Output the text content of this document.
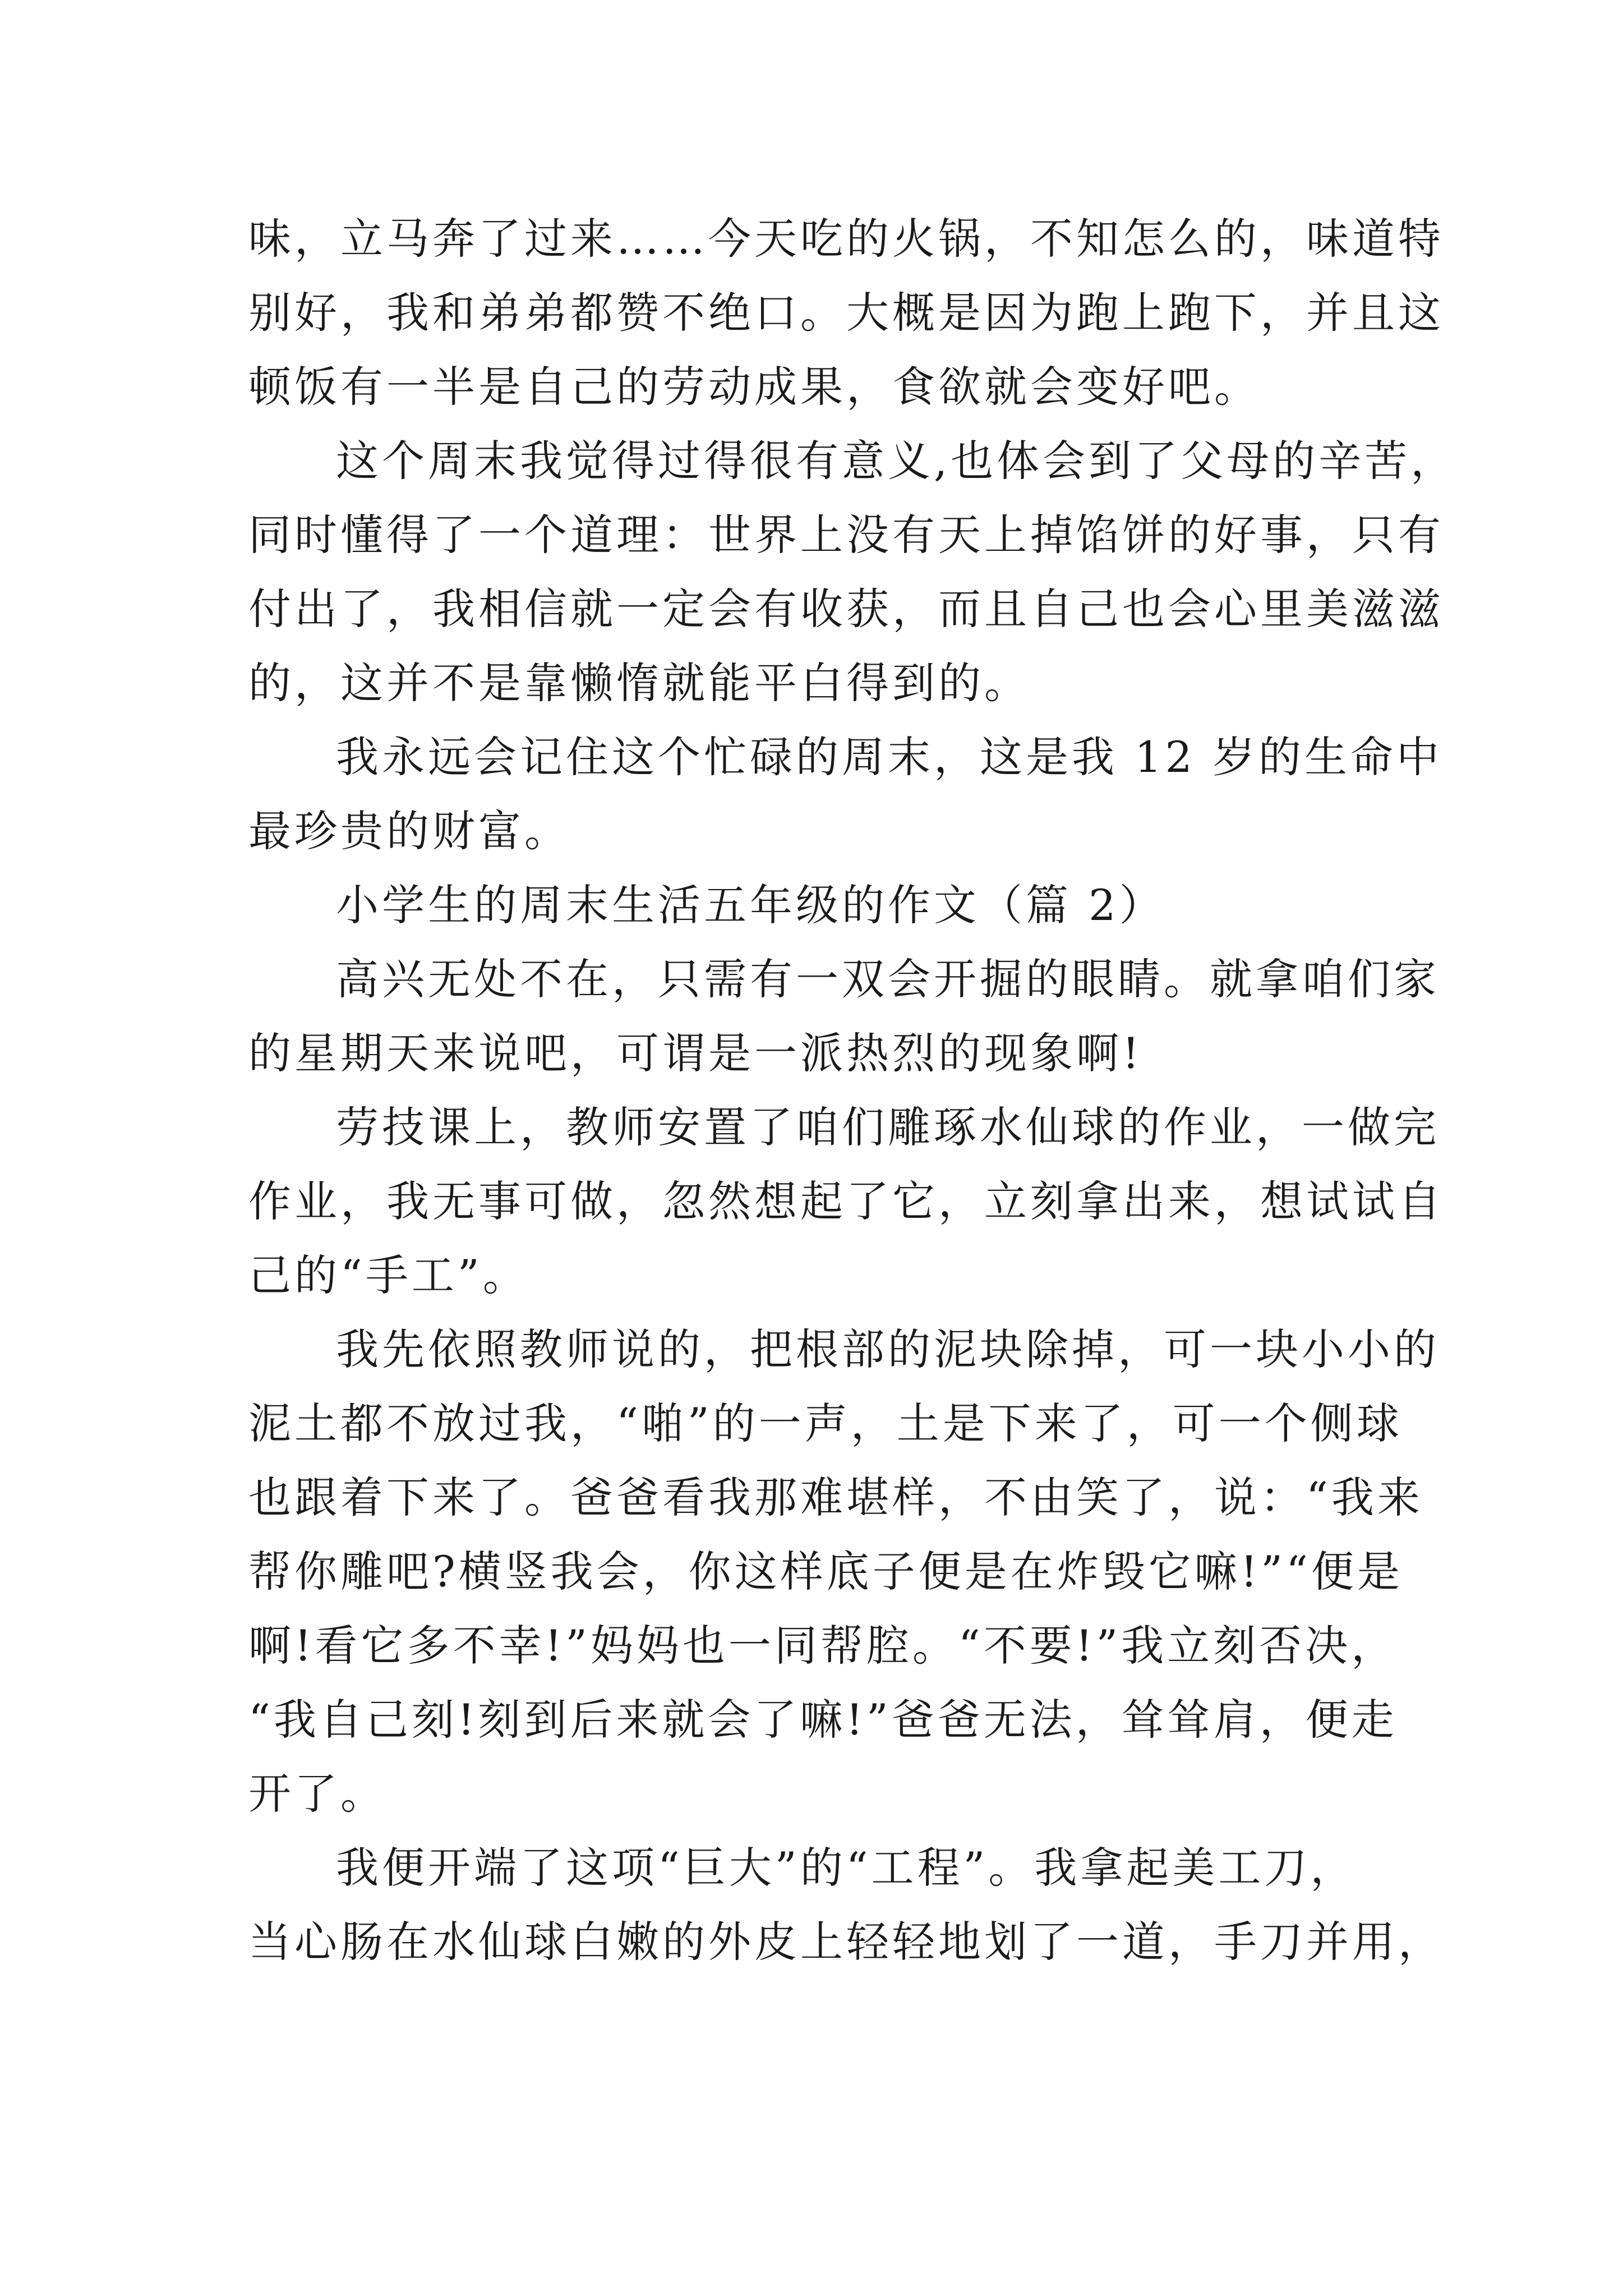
味，立马奔了过来……今天吃的火锅，不知怎么的，味道特
别好，我和弟弟都赞不绝口。大概是因为跑上跑下，并且这
顿饭有一半是自己的劳动成果，食欲就会变好吧。
这个周末我觉得过得很有意义,也体会到了父母的辛苦，
同时懂得了一个道理：世界上没有天上掉馅饼的好事，只有
付出了，我相信就一定会有收获，而且自己也会心里美滋滋
的，这并不是靠懒惰就能平白得到的。
我永远会记住这个忙碌的周末，这是我 12 岁的生命中
最珍贵的财富。
小学生的周末生活五年级的作文（篇 2）
高兴无处不在，只需有一双会开掘的眼睛。就拿咱们家
的星期天来说吧，可谓是一派热烈的现象啊!
劳技课上，教师安置了咱们雕琢水仙球的作业，一做完
作业，我无事可做，忽然想起了它，立刻拿出来，想试试自
己的“手工”。
我先依照教师说的，把根部的泥块除掉，可一块小小的
泥土都不放过我，“啪”的一声，土是下来了，可一个侧球
也跟着下来了。爸爸看我那难堪样，不由笑了，说：“我来
帮你雕吧?横竖我会，你这样底子便是在炸毁它嘛!”“便是
啊!看它多不幸!”妈妈也一同帮腔。“不要!”我立刻否决，
“我自己刻!刻到后来就会了嘛!”爸爸无法，耸耸肩，便走
开了。
我便开端了这项“巨大”的“工程”。我拿起美工刀，
当心肠在水仙球白嫩的外皮上轻轻地划了一道，手刀并用，
